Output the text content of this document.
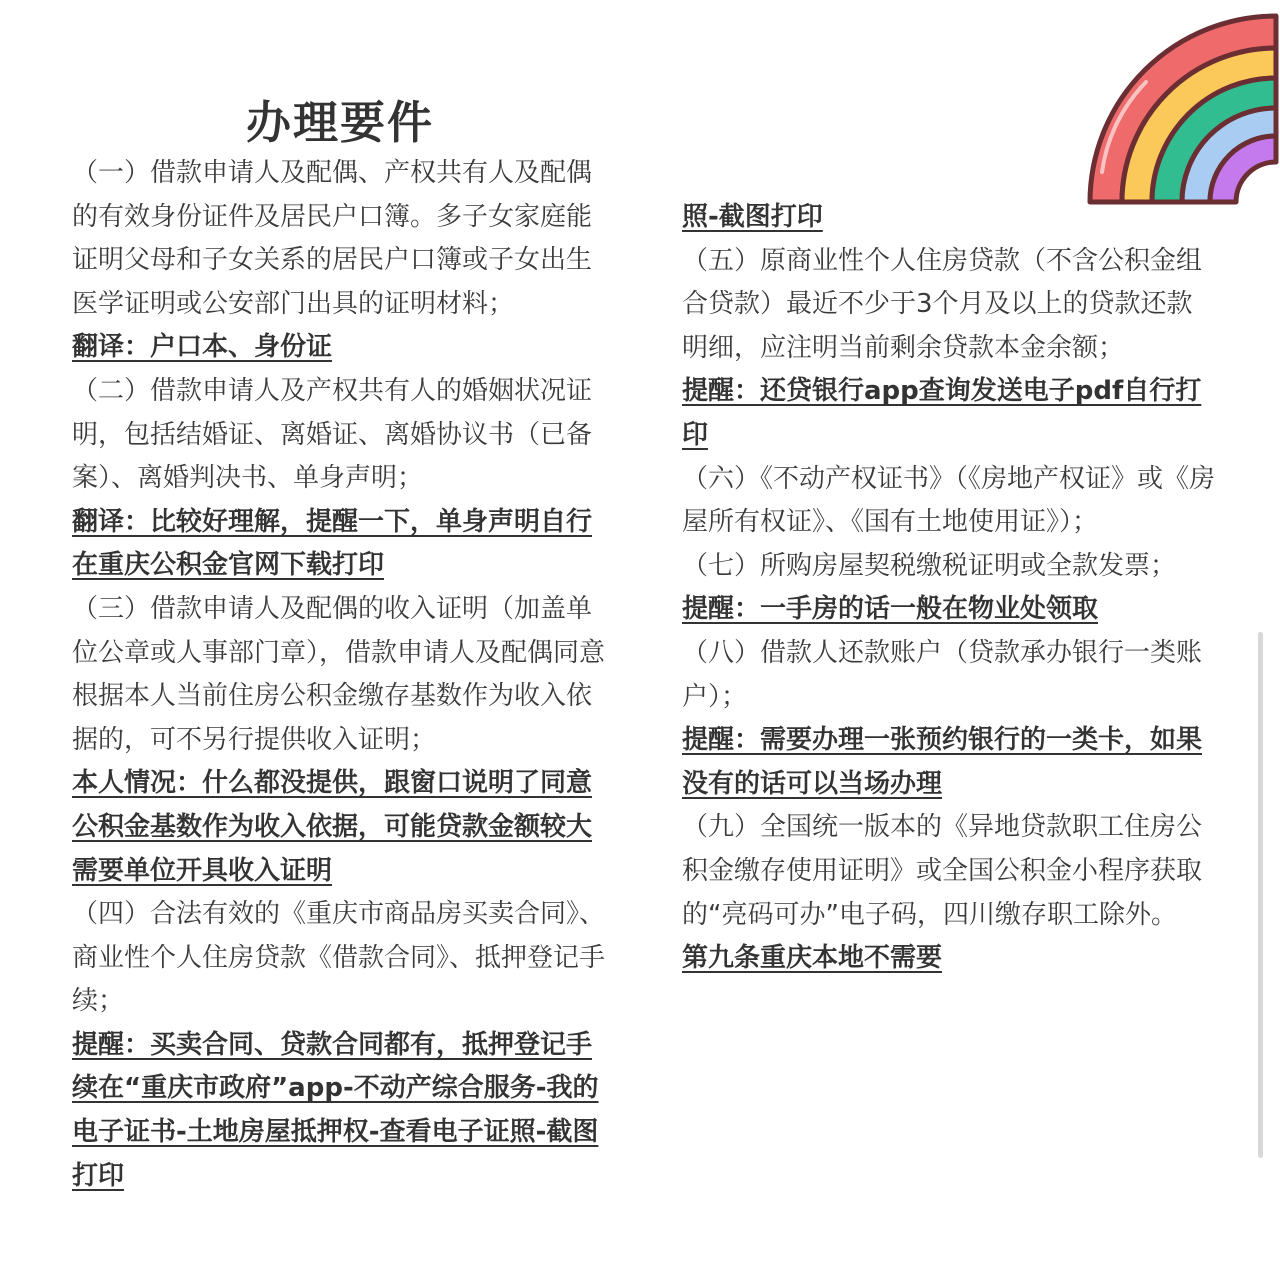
办理要件

（一）借款申请人及配偶、产权共有人及配偶的有效身份证件及居民户口簿。多子女家庭能证明父母和子女关系的居民户口簿或子女出生医学证明或公安部门出具的证明材料；

翻译：户口本、身份证

（二）借款申请人及产权共有人的婚姻状况证明，包括结婚证、离婚证、离婚协议书（已备案）、离婚判决书、单身声明；

翻译：比较好理解，提醒一下，单身声明自行在重庆公积金官网下载打印

（三）借款申请人及配偶的收入证明（加盖单位公章或人事部门章），借款申请人及配偶同意根据本人当前住房公积金缴存基数作为收入依据的，可不另行提供收入证明；

本人情况：什么都没提供，跟窗口说明了同意公积金基数作为收入依据，可能贷款金额较大需要单位开具收入证明

（四）合法有效的《重庆市商品房买卖合同》、商业性个人住房贷款《借款合同》、抵押登记手续；

提醒：买卖合同、贷款合同都有，抵押登记手续在“重庆市政府”app-不动产综合服务-我的电子证书-土地房屋抵押权-查看电子证照-截图打印

照-截图打印

（五）原商业性个人住房贷款（不含公积金组合贷款）最近不少于3个月及以上的贷款还款明细，应注明当前剩余贷款本金余额；

提醒：还贷银行app查询发送电子pdf自行打印

（六）《不动产权证书》（《房地产权证》或《房屋所有权证》、《国有土地使用证》）；

（七）所购房屋契税缴税证明或全款发票；

提醒：一手房的话一般在物业处领取

（八）借款人还款账户（贷款承办银行一类账户）；

提醒：需要办理一张预约银行的一类卡，如果没有的话可以当场办理

（九）全国统一版本的《异地贷款职工住房公积金缴存使用证明》或全国公积金小程序获取的“亮码可办”电子码，四川缴存职工除外。

第九条重庆本地不需要
